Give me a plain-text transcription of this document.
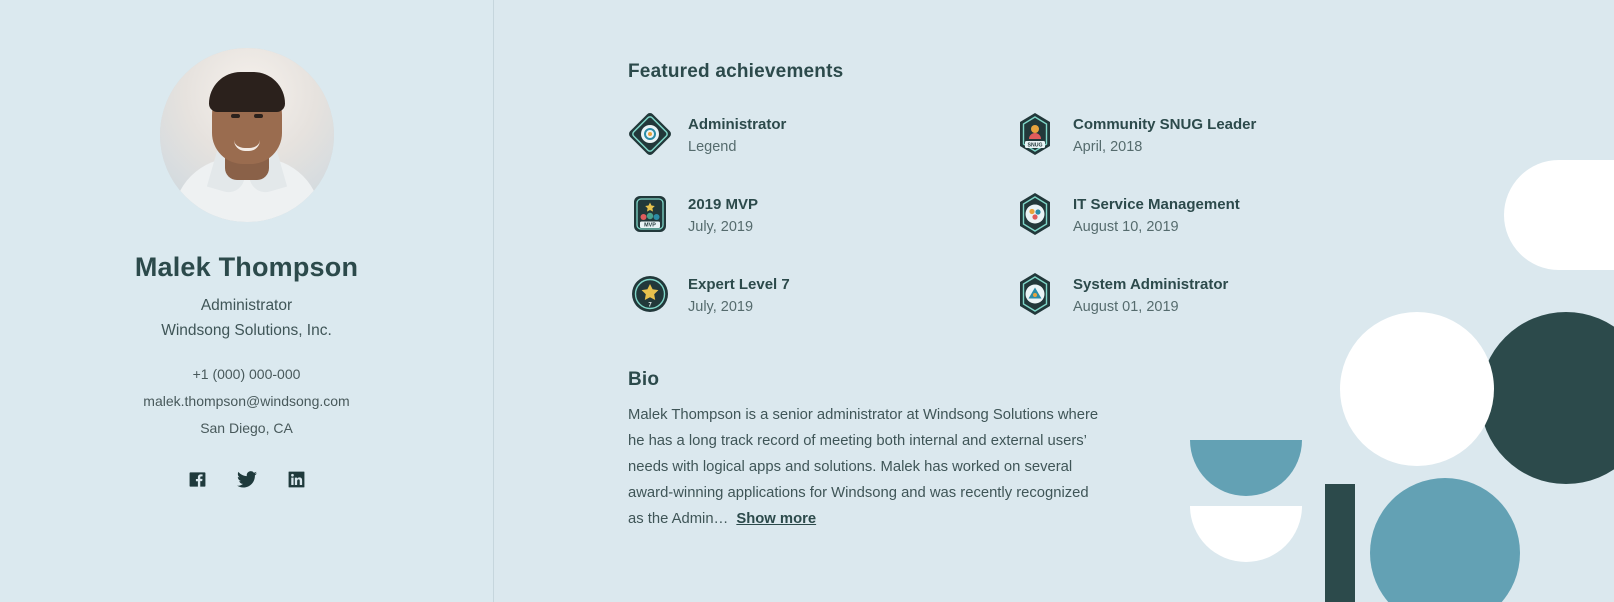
Malek Thompson
Administrator
Windsong Solutions, Inc.
+1 (000) 000-000
malek.thompson@windsong.com
San Diego, CA
Featured achievements
Administrator
Legend	SNUG
Community SNUG Leader
April, 2018
MVP
2019 MVP
July, 2019
IT Service Management
August 10, 2019
7
Expert Level 7
July, 2019
System Administrator
August 01, 2019
Bio
Malek Thompson is a senior administrator at Windsong Solutions where he has a long track record of meeting both internal and external users’ needs with logical apps and solutions. Malek has worked on several award-winning applications for Windsong and was recently recognized as the Admin… Show more
